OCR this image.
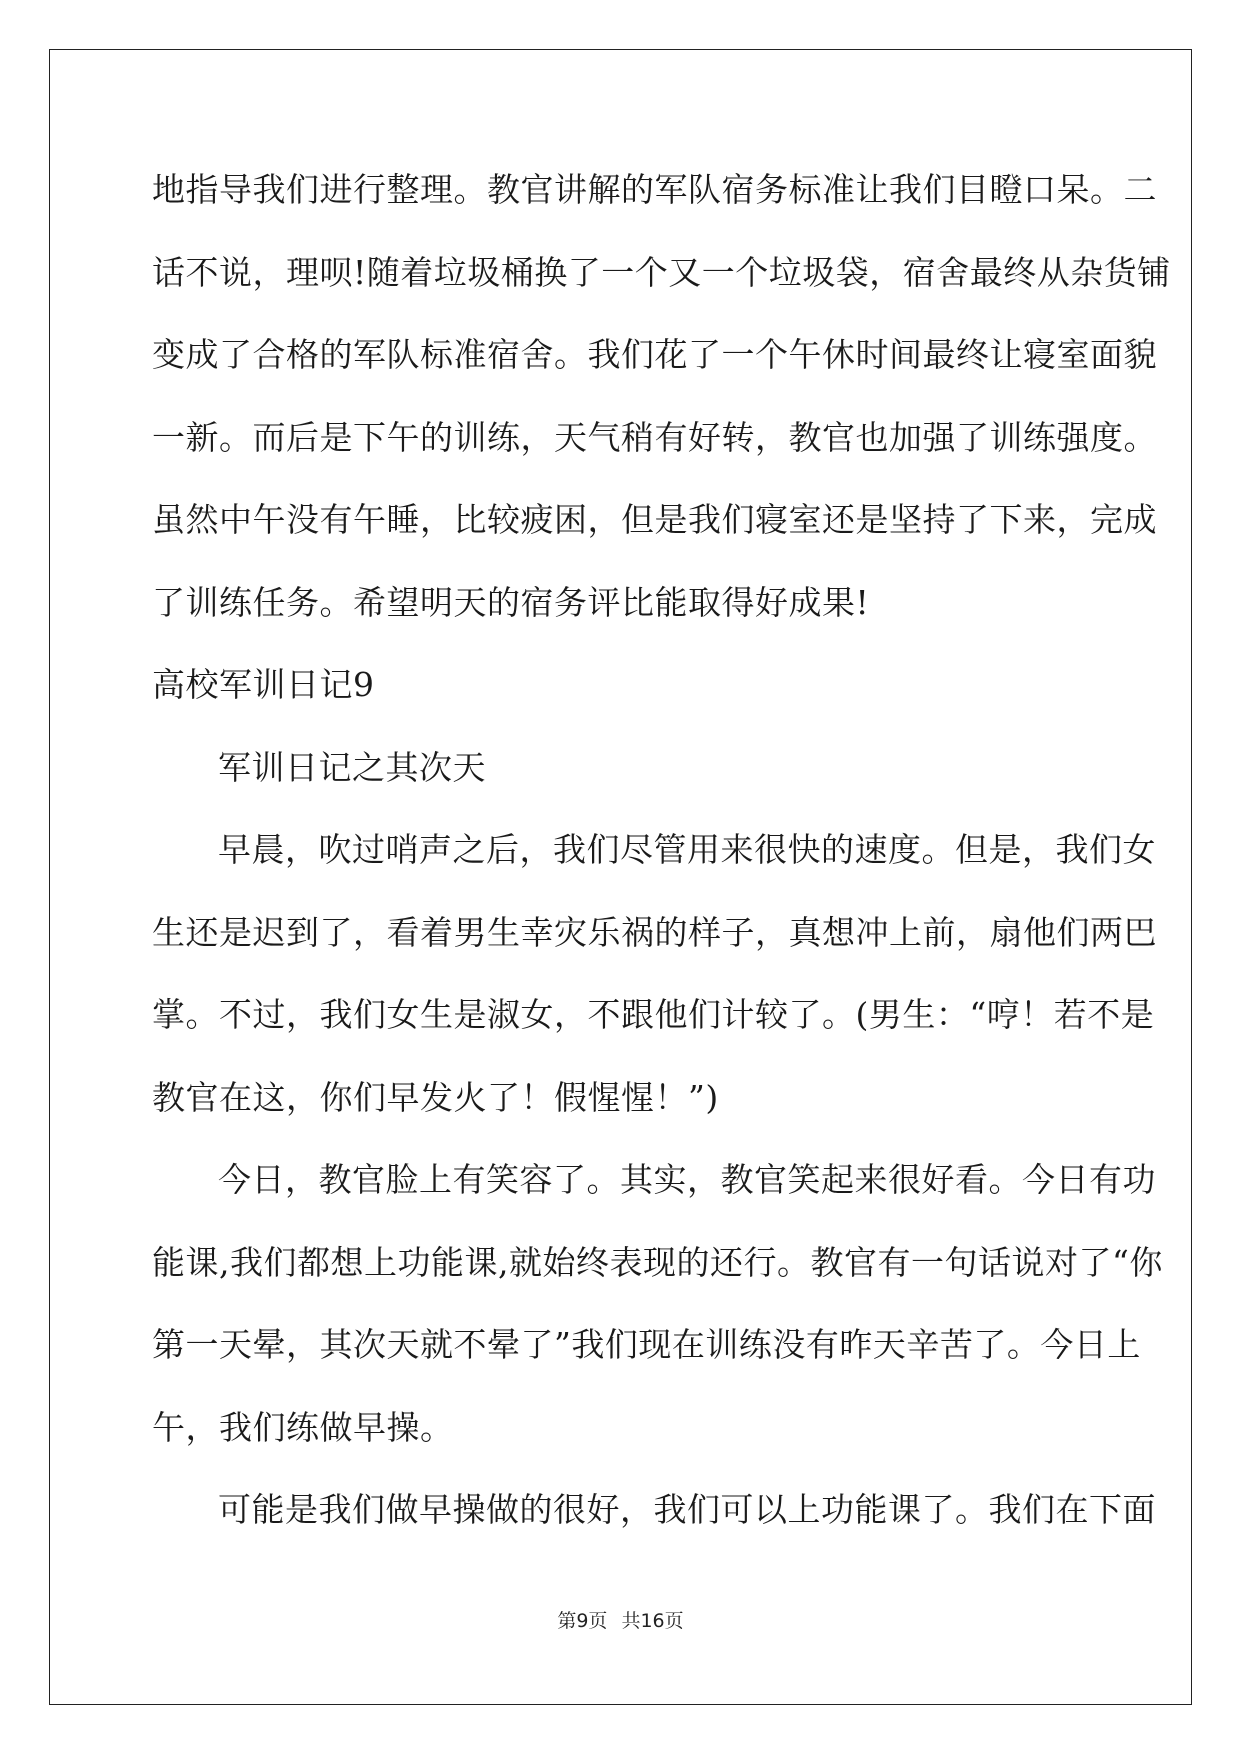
地指导我们进行整理。教官讲解的军队宿务标准让我们目瞪口呆。二
话不说，理呗!随着垃圾桶换了一个又一个垃圾袋，宿舍最终从杂货铺
变成了合格的军队标准宿舍。我们花了一个午休时间最终让寝室面貌
一新。而后是下午的训练，天气稍有好转，教官也加强了训练强度。
虽然中午没有午睡，比较疲困，但是我们寝室还是坚持了下来，完成
了训练任务。希望明天的宿务评比能取得好成果!
高校军训日记9
军训日记之其次天
早晨，吹过哨声之后，我们尽管用来很快的速度。但是，我们女
生还是迟到了，看着男生幸灾乐祸的样子，真想冲上前，扇他们两巴
掌。不过，我们女生是淑女，不跟他们计较了。(男生：“哼！若不是
教官在这，你们早发火了！假惺惺！”)
今日，教官脸上有笑容了。其实，教官笑起来很好看。今日有功
能课,我们都想上功能课,就始终表现的还行。教官有一句话说对了“你
第一天晕，其次天就不晕了”我们现在训练没有昨天辛苦了。今日上
午，我们练做早操。
可能是我们做早操做的很好，我们可以上功能课了。我们在下面
第9页 共16页
